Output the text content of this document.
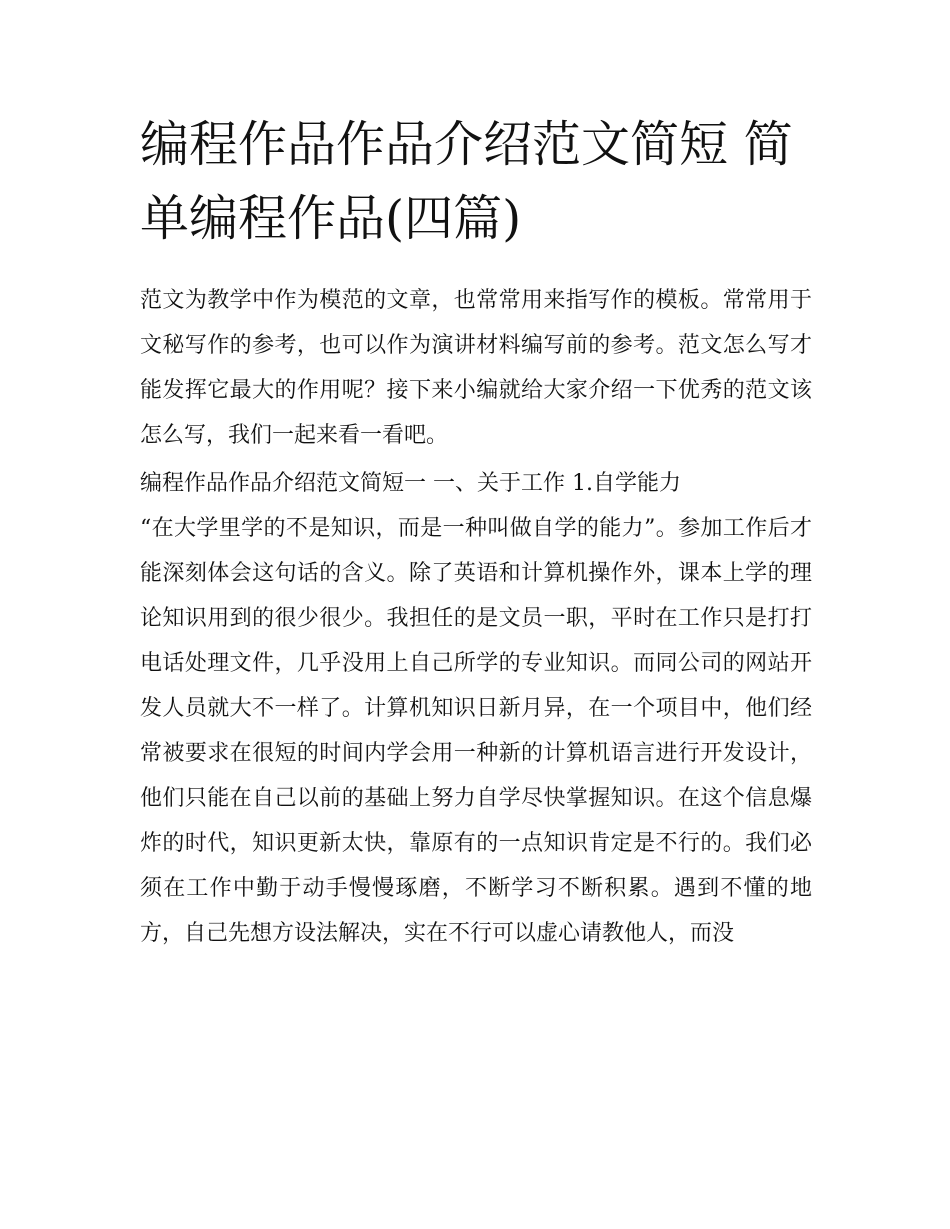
编程作品作品介绍范文简短 简单编程作品(四篇)

范文为教学中作为模范的文章，也常常用来指写作的模板。常常用于文秘写作的参考，也可以作为演讲材料编写前的参考。范文怎么写才能发挥它最大的作用呢？接下来小编就给大家介绍一下优秀的范文该怎么写，我们一起来看一看吧。

编程作品作品介绍范文简短一 一、关于工作 1.自学能力

“在大学里学的不是知识，而是一种叫做自学的能力”。参加工作后才能深刻体会这句话的含义。除了英语和计算机操作外，课本上学的理论知识用到的很少很少。我担任的是文员一职，平时在工作只是打打电话处理文件，几乎没用上自己所学的专业知识。而同公司的网站开发人员就大不一样了。计算机知识日新月异，在一个项目中，他们经常被要求在很短的时间内学会用一种新的计算机语言进行开发设计，他们只能在自己以前的基础上努力自学尽快掌握知识。在这个信息爆炸的时代，知识更新太快，靠原有的一点知识肯定是不行的。我们必须在工作中勤于动手慢慢琢磨，不断学习不断积累。遇到不懂的地方，自己先想方设法解决，实在不行可以虚心请教他人，而没
